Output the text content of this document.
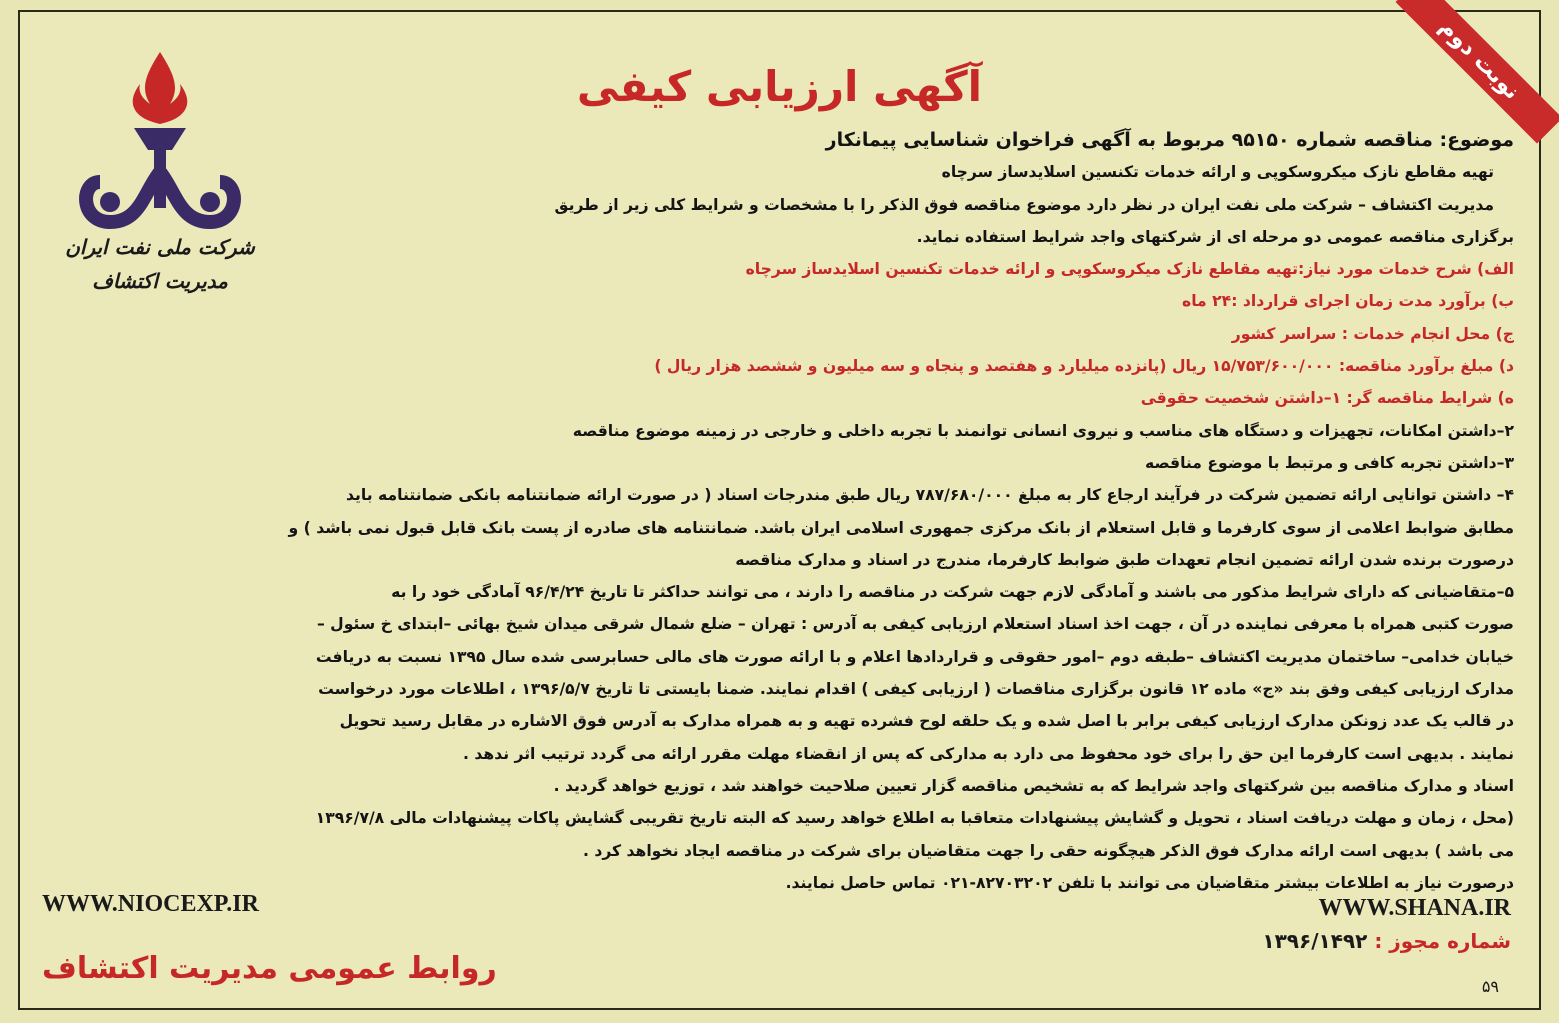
نوبت دوم
آگهی ارزیابی کیفی
شرکت ملی نفت ایران
مدیریت اکتشاف
موضوع: مناقصه شماره ۹۵۱۵۰ مربوط به آگهی فراخوان شناسایی پیمانکار
تهیه مقاطع نازک میکروسکوپی و ارائه خدمات تکنسین اسلایدساز سرچاه
مدیریت اکتشاف – شرکت ملی نفت ایران در نظر دارد موضوع مناقصه فوق الذکر را با مشخصات و شرایط کلی زیر از طریق
برگزاری مناقصه عمومی دو مرحله ای از شرکتهای واجد شرایط استفاده نماید.
الف) شرح خدمات مورد نیاز:تهیه مقاطع نازک میکروسکوپی و ارائه خدمات تکنسین اسلایدساز سرچاه
ب) برآورد مدت زمان اجرای قرارداد :۲۴ ماه
ج) محل انجام خدمات : سراسر کشور
د) مبلغ برآورد مناقصه: ۱۵/۷۵۳/۶۰۰/۰۰۰ ریال (پانزده میلیارد و هفتصد و پنجاه و سه میلیون و ششصد هزار ریال )
ه) شرایط مناقصه گر: ۱–داشتن شخصیت حقوقی
۲–داشتن امکانات، تجهیزات و دستگاه های مناسب و نیروی انسانی توانمند با تجربه داخلی و خارجی در زمینه موضوع مناقصه
۳–داشتن تجربه کافی و مرتبط با موضوع مناقصه
۴– داشتن توانایی ارائه تضمین شرکت در فرآیند ارجاع کار به مبلغ ۷۸۷/۶۸۰/۰۰۰ ریال طبق مندرجات اسناد ( در صورت ارائه ضمانتنامه بانکی ضمانتنامه باید
مطابق ضوابط اعلامی از سوی کارفرما و قابل استعلام از بانک مرکزی جمهوری اسلامی ایران باشد. ضمانتنامه های صادره از پست بانک قابل قبول نمی باشد ) و
درصورت برنده شدن ارائه تضمین انجام تعهدات طبق ضوابط کارفرما، مندرج در اسناد و مدارک مناقصه
۵–متقاضیانی که دارای شرایط مذکور می باشند و آمادگی لازم جهت شرکت در مناقصه را دارند ، می توانند حداکثر تا تاریخ ۹۶/۴/۲۴ آمادگی خود را به
صورت کتبی همراه با معرفی نماینده در آن ، جهت اخذ اسناد استعلام ارزیابی کیفی به آدرس : تهران – ضلع شمال شرقی میدان شیخ بهائی –ابتدای خ سئول –
خیابان خدامی– ساختمان مدیریت اکتشاف –طبقه دوم –امور حقوقی و قراردادها اعلام و با ارائه صورت های مالی حسابرسی شده سال ۱۳۹۵ نسبت به دریافت
مدارک ارزیابی کیفی وفق بند «ج» ماده ۱۲ قانون برگزاری مناقصات ( ارزیابی کیفی ) اقدام نمایند. ضمنا بایستی تا تاریخ ۱۳۹۶/۵/۷ ، اطلاعات مورد درخواست
در قالب یک عدد زونکن مدارک ارزیابی کیفی برابر با اصل شده و یک حلقه لوح فشرده تهیه و به همراه مدارک به آدرس فوق الاشاره در مقابل رسید تحویل
نمایند . بدیهی است کارفرما این حق را برای خود محفوظ می دارد به مدارکی که پس از انقضاء مهلت مقرر ارائه می گردد ترتیب اثر ندهد .
اسناد و مدارک مناقصه بین شرکتهای واجد شرایط که به تشخیص مناقصه گزار تعیین صلاحیت خواهند شد ، توزیع خواهد گردید .
(محل ، زمان و مهلت دریافت اسناد ، تحویل و گشایش پیشنهادات متعاقبا به اطلاع خواهد رسید که البته تاریخ تقریبی گشایش پاکات پیشنهادات مالی ۱۳۹۶/۷/۸
می باشد ) بدیهی است ارائه مدارک فوق الذکر هیچگونه حقی را جهت متقاضیان برای شرکت در مناقصه ایجاد نخواهد کرد .
درصورت نیاز به اطلاعات بیشتر متقاضیان می توانند با تلفن ۸۲۷۰۳۲۰۲-۰۲۱ تماس حاصل نمایند.
WWW.NIOCEXP.IR	WWW.SHANA.IR
شماره مجوز : ۱۳۹۶/۱۴۹۲
روابط عمومی مدیریت اکتشاف
۵۹
